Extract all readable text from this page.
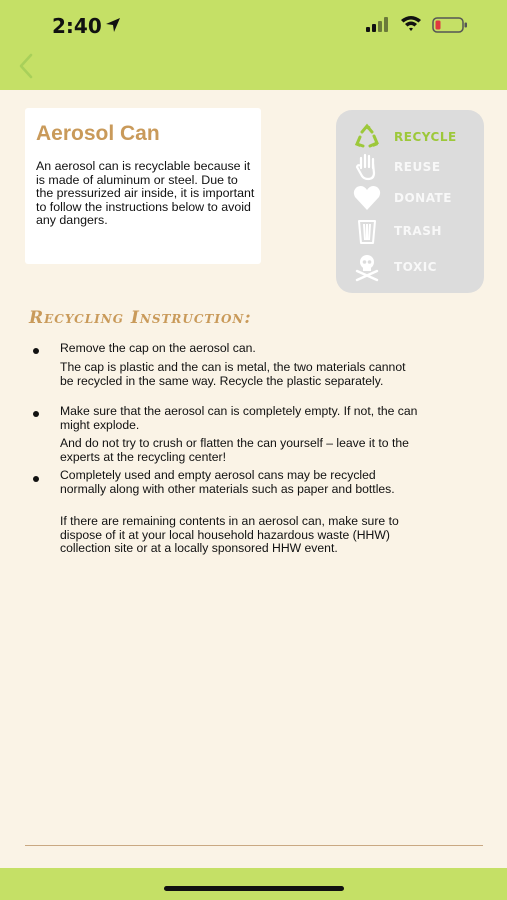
2:40
Aerosol Can
An aerosol can is recyclable because it is made of aluminum or steel. Due to the pressurized air inside, it is important to follow the instructions below to avoid any dangers.
RECYCLE
REUSE
DONATE
TRASH
TOXIC
Recycling Instruction:
Remove the cap on the aerosol can.
The cap is plastic and the can is metal, the two materials cannot be recycled in the same way. Recycle the plastic separately.
Make sure that the aerosol can is completely empty. If not, the can might explode.
And do not try to crush or flatten the can yourself – leave it to the experts at the recycling center!
Completely used and empty aerosol cans may be recycled normally along with other materials such as paper and bottles.
If there are remaining contents in an aerosol can, make sure to dispose of it at your local household hazardous waste (HHW) collection site or at a locally sponsored HHW event.
